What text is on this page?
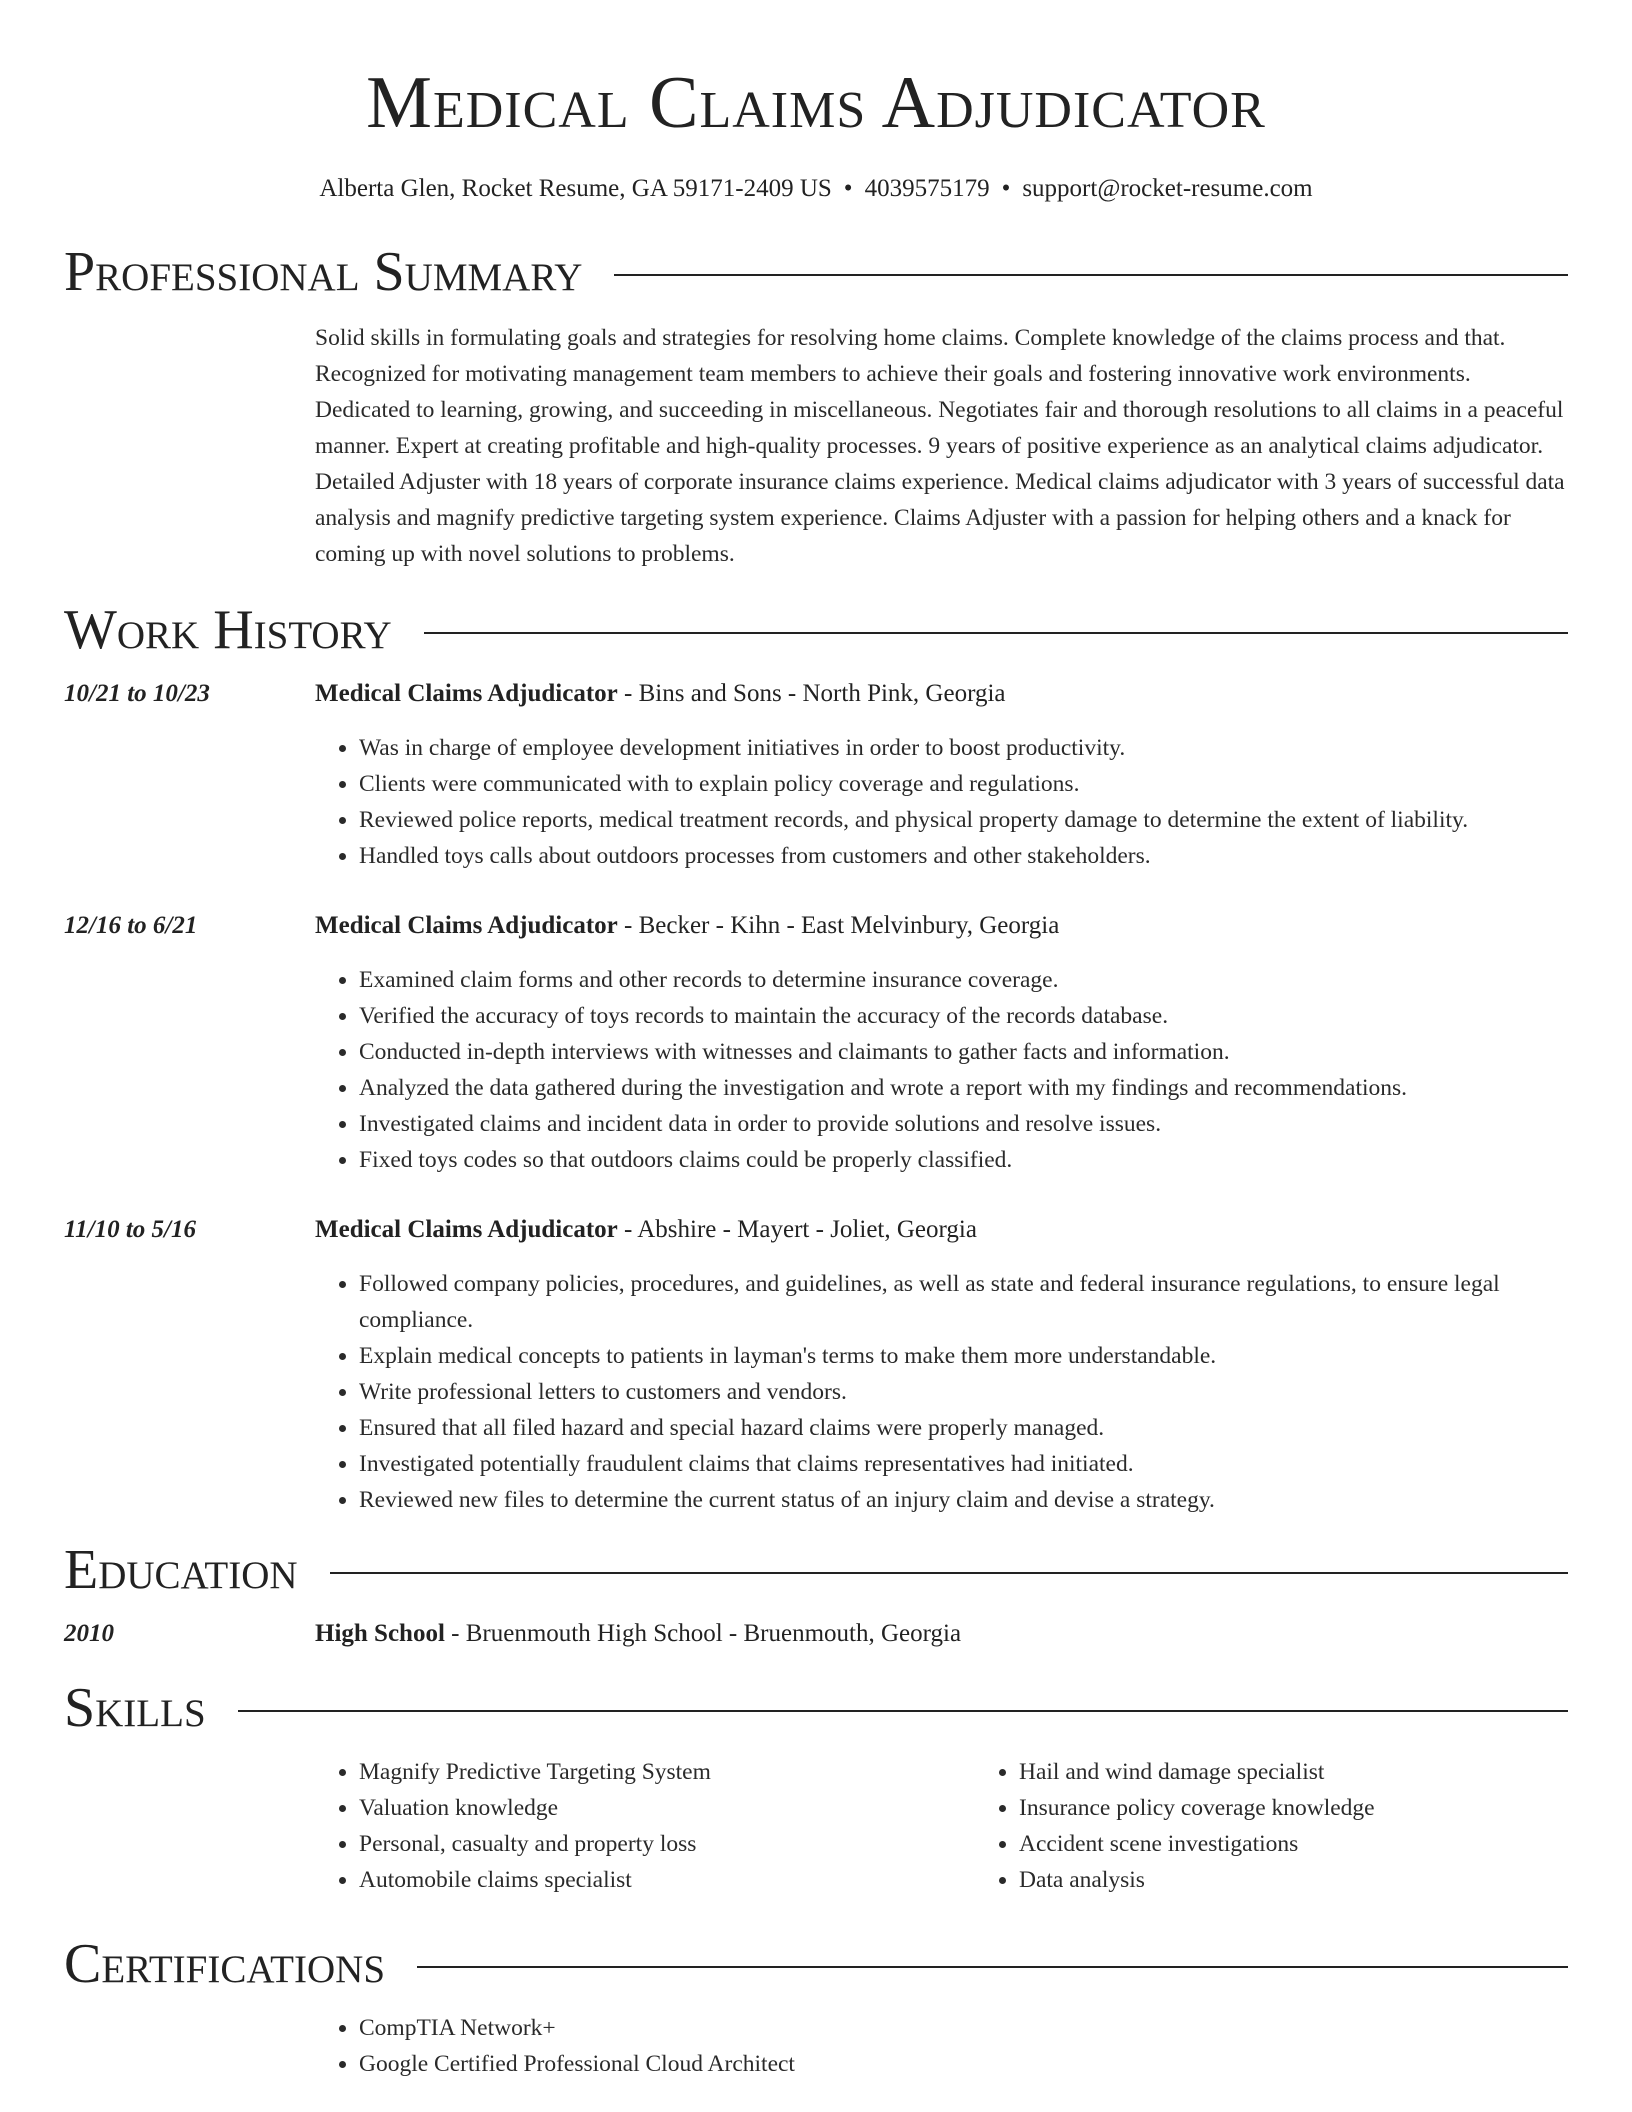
Medical Claims Adjudicator
Alberta Glen, Rocket Resume, GA 59171-2409 US • 4039575179 • support@rocket-resume.com
Professional Summary
Solid skills in formulating goals and strategies for resolving home claims. Complete knowledge of the claims process and that. Recognized for motivating management team members to achieve their goals and fostering innovative work environments. Dedicated to learning, growing, and succeeding in miscellaneous. Negotiates fair and thorough resolutions to all claims in a peaceful manner. Expert at creating profitable and high-quality processes. 9 years of positive experience as an analytical claims adjudicator. Detailed Adjuster with 18 years of corporate insurance claims experience. Medical claims adjudicator with 3 years of successful data analysis and magnify predictive targeting system experience. Claims Adjuster with a passion for helping others and a knack for coming up with novel solutions to problems.
Work History
10/21 to 10/23	Medical Claims Adjudicator - Bins and Sons - North Pink, Georgia
• Was in charge of employee development initiatives in order to boost productivity.
• Clients were communicated with to explain policy coverage and regulations.
• Reviewed police reports, medical treatment records, and physical property damage to determine the extent of liability.
• Handled toys calls about outdoors processes from customers and other stakeholders.
12/16 to 6/21	Medical Claims Adjudicator - Becker - Kihn - East Melvinbury, Georgia
• Examined claim forms and other records to determine insurance coverage.
• Verified the accuracy of toys records to maintain the accuracy of the records database.
• Conducted in-depth interviews with witnesses and claimants to gather facts and information.
• Analyzed the data gathered during the investigation and wrote a report with my findings and recommendations.
• Investigated claims and incident data in order to provide solutions and resolve issues.
• Fixed toys codes so that outdoors claims could be properly classified.
11/10 to 5/16	Medical Claims Adjudicator - Abshire - Mayert - Joliet, Georgia
• Followed company policies, procedures, and guidelines, as well as state and federal insurance regulations, to ensure legal compliance.
• Explain medical concepts to patients in layman's terms to make them more understandable.
• Write professional letters to customers and vendors.
• Ensured that all filed hazard and special hazard claims were properly managed.
• Investigated potentially fraudulent claims that claims representatives had initiated.
• Reviewed new files to determine the current status of an injury claim and devise a strategy.
Education
2010	High School - Bruenmouth High School - Bruenmouth, Georgia
Skills
• Magnify Predictive Targeting System
• Valuation knowledge
• Personal, casualty and property loss
• Automobile claims specialist
• Hail and wind damage specialist
• Insurance policy coverage knowledge
• Accident scene investigations
• Data analysis
Certifications
• CompTIA Network+
• Google Certified Professional Cloud Architect
